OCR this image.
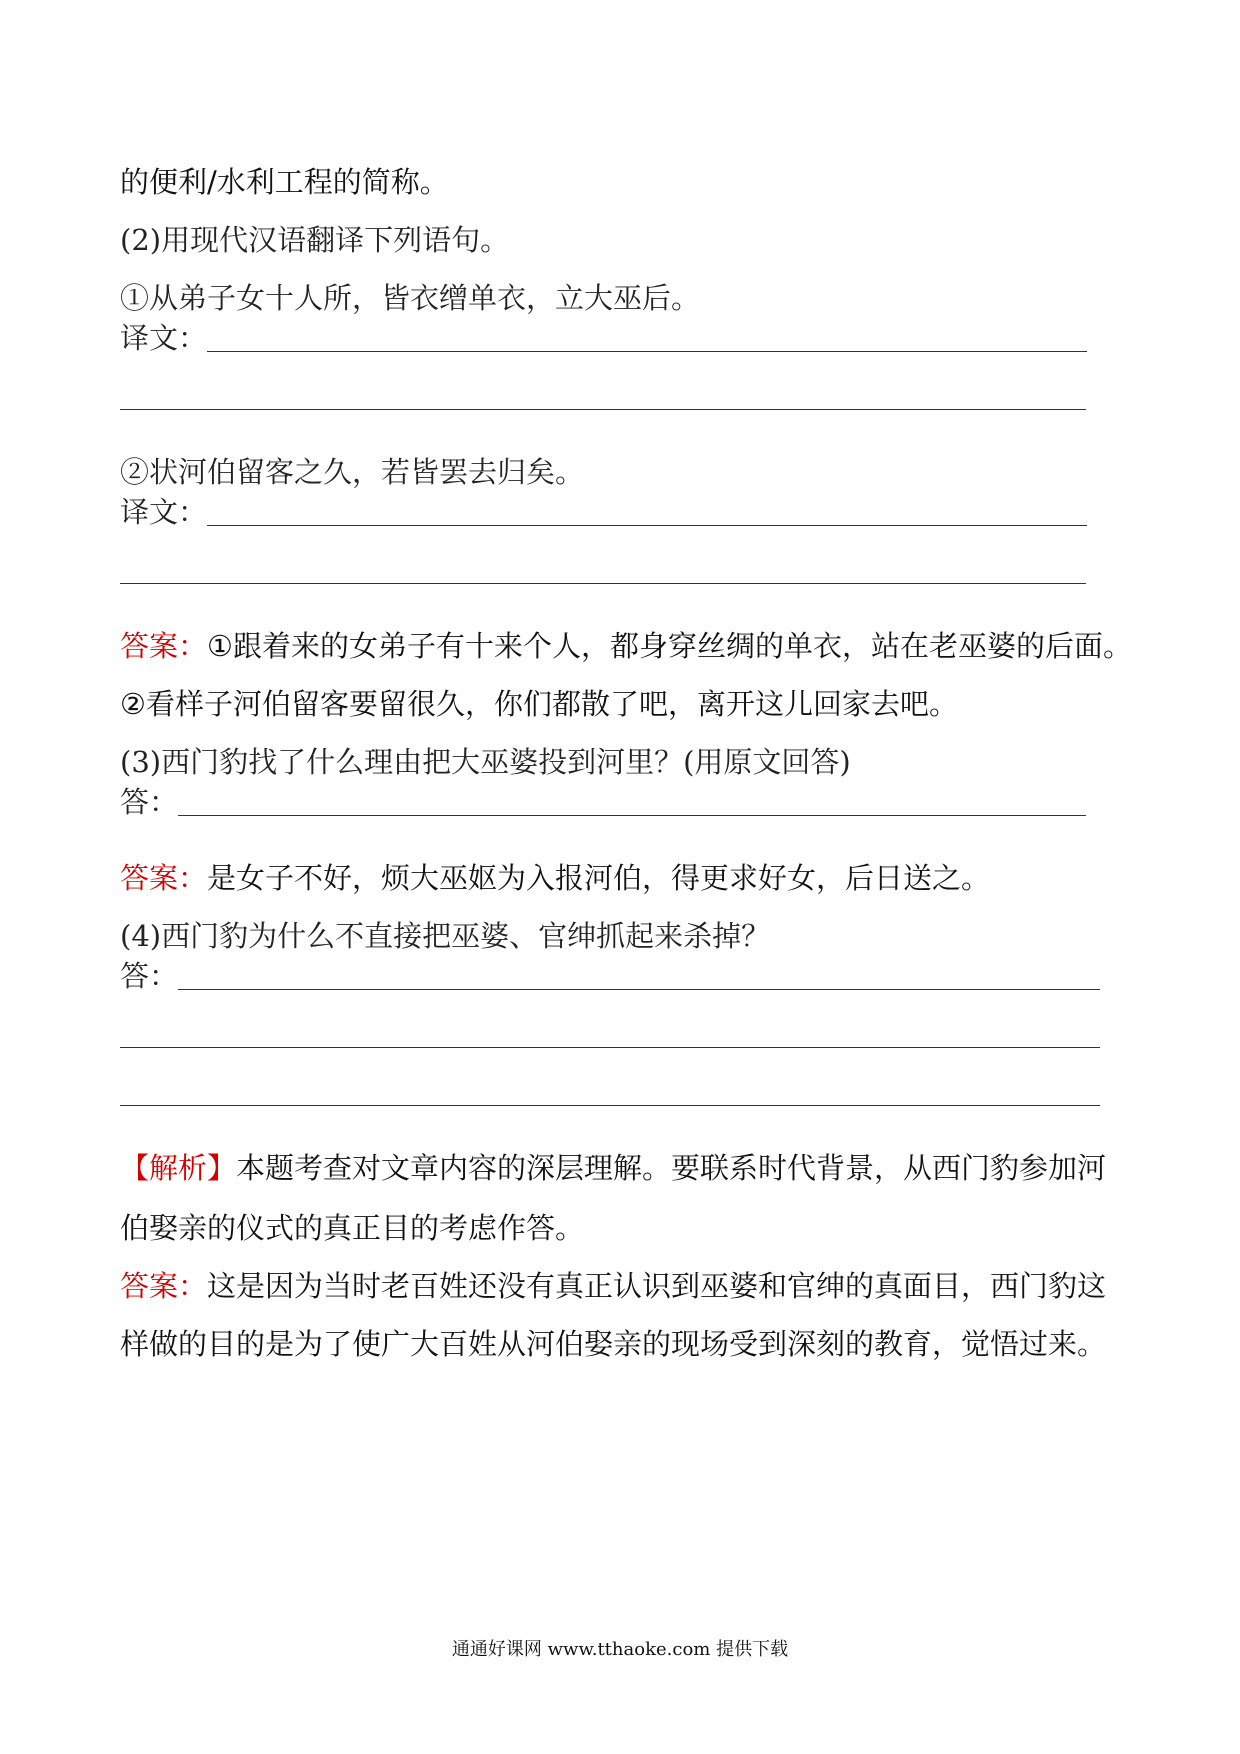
的便利/水利工程的简称。
(2)用现代汉语翻译下列语句。
①从弟子女十人所，皆衣缯单衣，立大巫后。
译文：
②状河伯留客之久，若皆罢去归矣。
译文：
答案：①跟着来的女弟子有十来个人，都身穿丝绸的单衣，站在老巫婆的后面。
②看样子河伯留客要留很久，你们都散了吧，离开这儿回家去吧。
(3)西门豹找了什么理由把大巫婆投到河里？(用原文回答)
答：
答案：是女子不好，烦大巫妪为入报河伯，得更求好女，后日送之。
(4)西门豹为什么不直接把巫婆、官绅抓起来杀掉？
答：
【解析】本题考查对文章内容的深层理解。要联系时代背景，从西门豹参加河
伯娶亲的仪式的真正目的考虑作答。
答案：这是因为当时老百姓还没有真正认识到巫婆和官绅的真面目，西门豹这
样做的目的是为了使广大百姓从河伯娶亲的现场受到深刻的教育，觉悟过来。
通通好课网 www.tthaoke.com 提供下载
